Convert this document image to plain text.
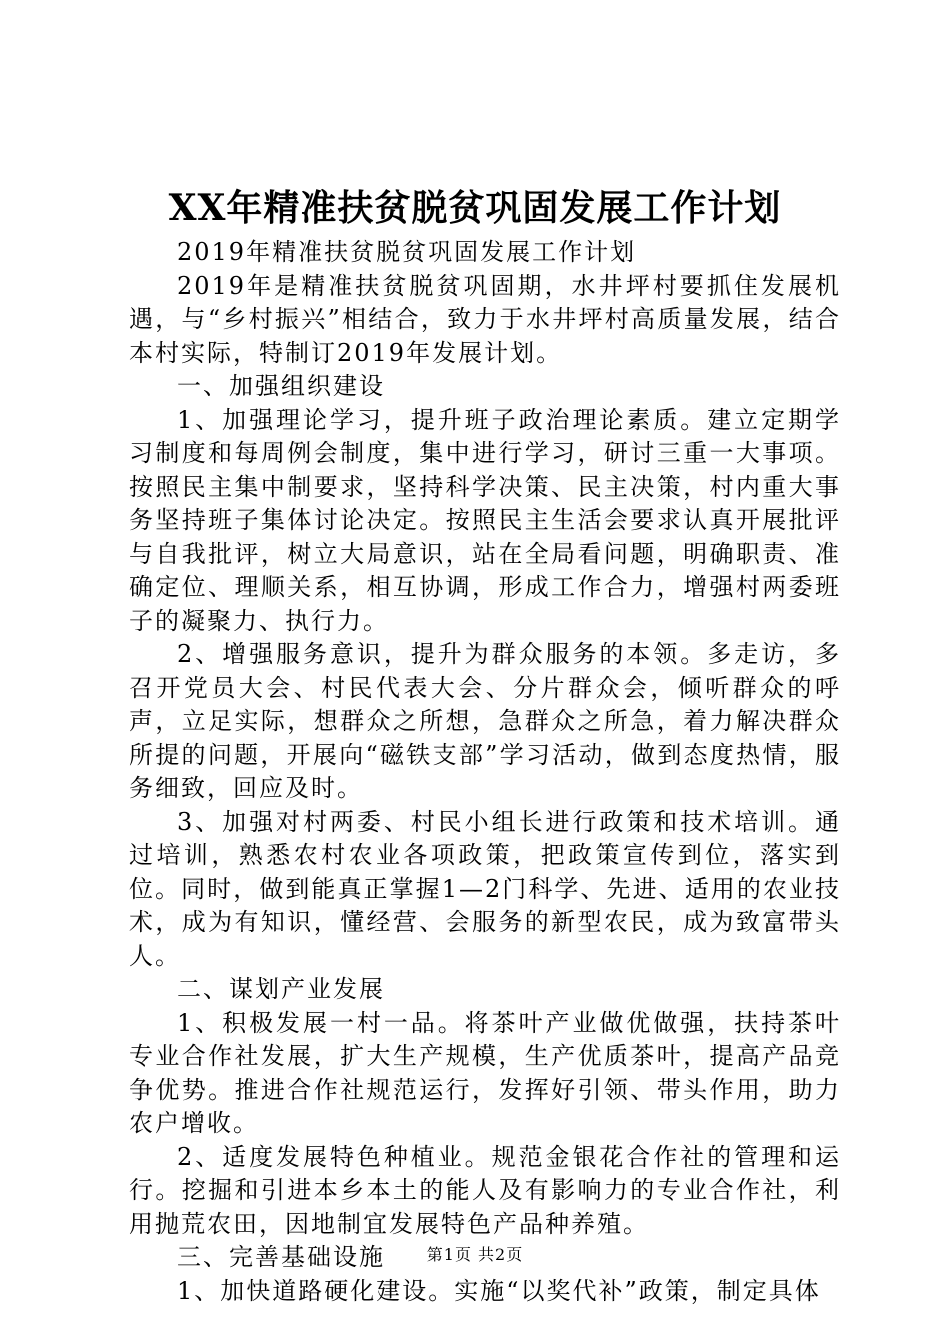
XX年精准扶贫脱贫巩固发展工作计划

2019年精准扶贫脱贫巩固发展工作计划

2019年是精准扶贫脱贫巩固期，水井坪村要抓住发展机遇，与“乡村振兴”相结合，致力于水井坪村高质量发展，结合本村实际，特制订2019年发展计划。

一、加强组织建设

1、加强理论学习，提升班子政治理论素质。建立定期学习制度和每周例会制度，集中进行学习，研讨三重一大事项。按照民主集中制要求，坚持科学决策、民主决策，村内重大事务坚持班子集体讨论决定。按照民主生活会要求认真开展批评与自我批评，树立大局意识，站在全局看问题，明确职责、准确定位、理顺关系，相互协调，形成工作合力，增强村两委班子的凝聚力、执行力。

2、增强服务意识，提升为群众服务的本领。多走访，多召开党员大会、村民代表大会、分片群众会，倾听群众的呼声，立足实际，想群众之所想，急群众之所急，着力解决群众所提的问题，开展向“磁铁支部”学习活动，做到态度热情，服务细致，回应及时。

3、加强对村两委、村民小组长进行政策和技术培训。通过培训，熟悉农村农业各项政策，把政策宣传到位，落实到位。同时，做到能真正掌握1—2门科学、先进、适用的农业技术，成为有知识，懂经营、会服务的新型农民，成为致富带头人。

二、谋划产业发展

1、积极发展一村一品。将茶叶产业做优做强，扶持茶叶专业合作社发展，扩大生产规模，生产优质茶叶，提高产品竞争优势。推进合作社规范运行，发挥好引领、带头作用，助力农户增收。

2、适度发展特色种植业。规范金银花合作社的管理和运行。挖掘和引进本乡本土的能人及有影响力的专业合作社，利用抛荒农田，因地制宜发展特色产品种养殖。

三、完善基础设施

1、加快道路硬化建设。实施“以奖代补”政策，制定具体

第1页 共2页
